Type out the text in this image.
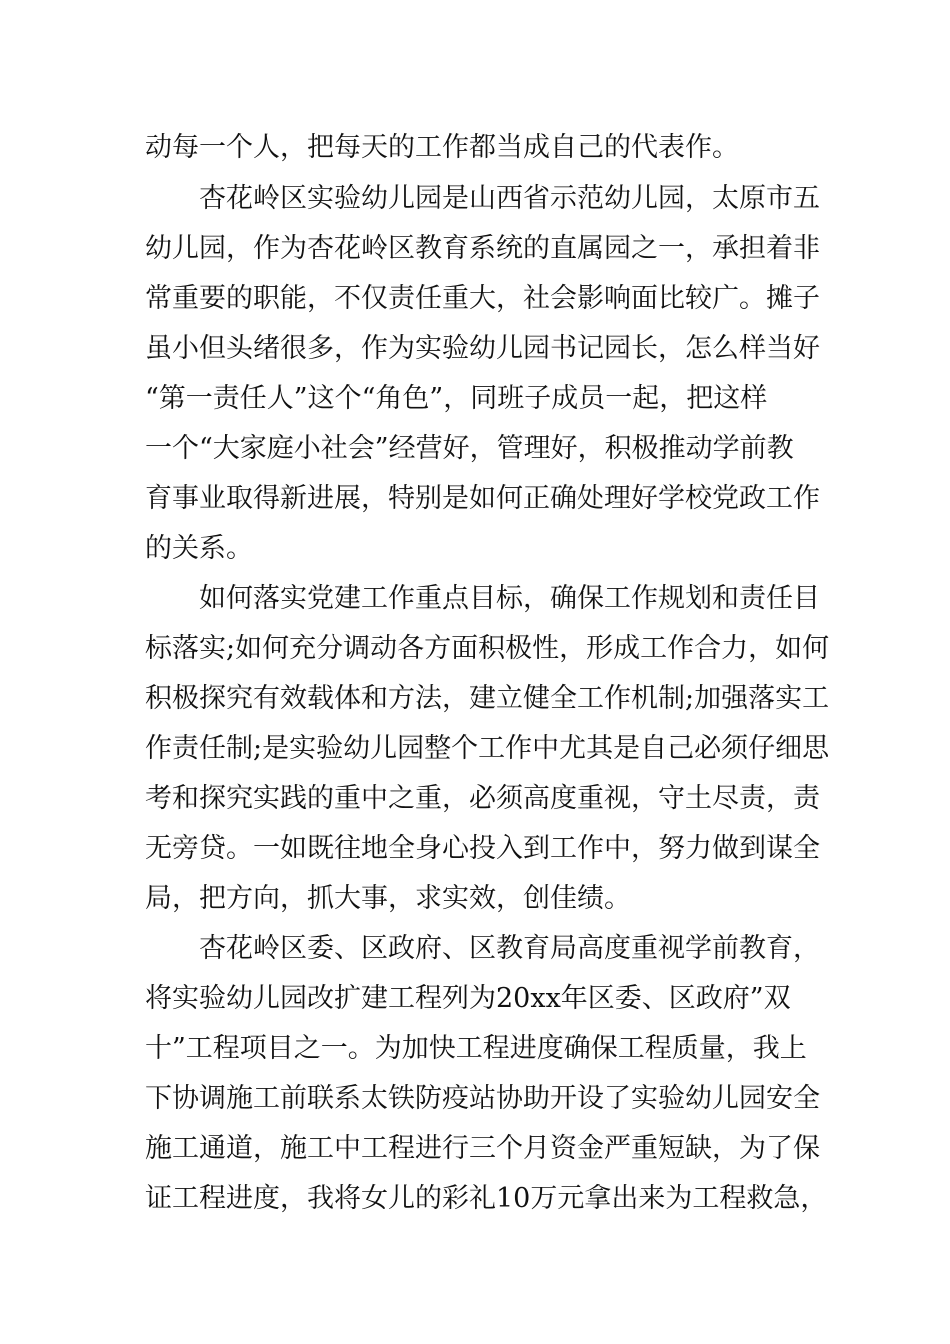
动每一个人，把每天的工作都当成自己的代表作。
杏花岭区实验幼儿园是山西省示范幼儿园，太原市五
幼儿园，作为杏花岭区教育系统的直属园之一，承担着非
常重要的职能，不仅责任重大，社会影响面比较广。摊子
虽小但头绪很多，作为实验幼儿园书记园长，怎么样当好
“第一责任人”这个“角色”，同班子成员一起，把这样
一个“大家庭小社会”经营好，管理好，积极推动学前教
育事业取得新进展，特别是如何正确处理好学校党政工作
的关系。
如何落实党建工作重点目标，确保工作规划和责任目
标落实;如何充分调动各方面积极性，形成工作合力，如何
积极探究有效载体和方法，建立健全工作机制;加强落实工
作责任制;是实验幼儿园整个工作中尤其是自己必须仔细思
考和探究实践的重中之重，必须高度重视，守土尽责，责
无旁贷。一如既往地全身心投入到工作中，努力做到谋全
局，把方向，抓大事，求实效，创佳绩。
杏花岭区委、区政府、区教育局高度重视学前教育，
将实验幼儿园改扩建工程列为20xx年区委、区政府”双
十”工程项目之一。为加快工程进度确保工程质量，我上
下协调施工前联系太铁防疫站协助开设了实验幼儿园安全
施工通道，施工中工程进行三个月资金严重短缺，为了保
证工程进度，我将女儿的彩礼10万元拿出来为工程救急，
